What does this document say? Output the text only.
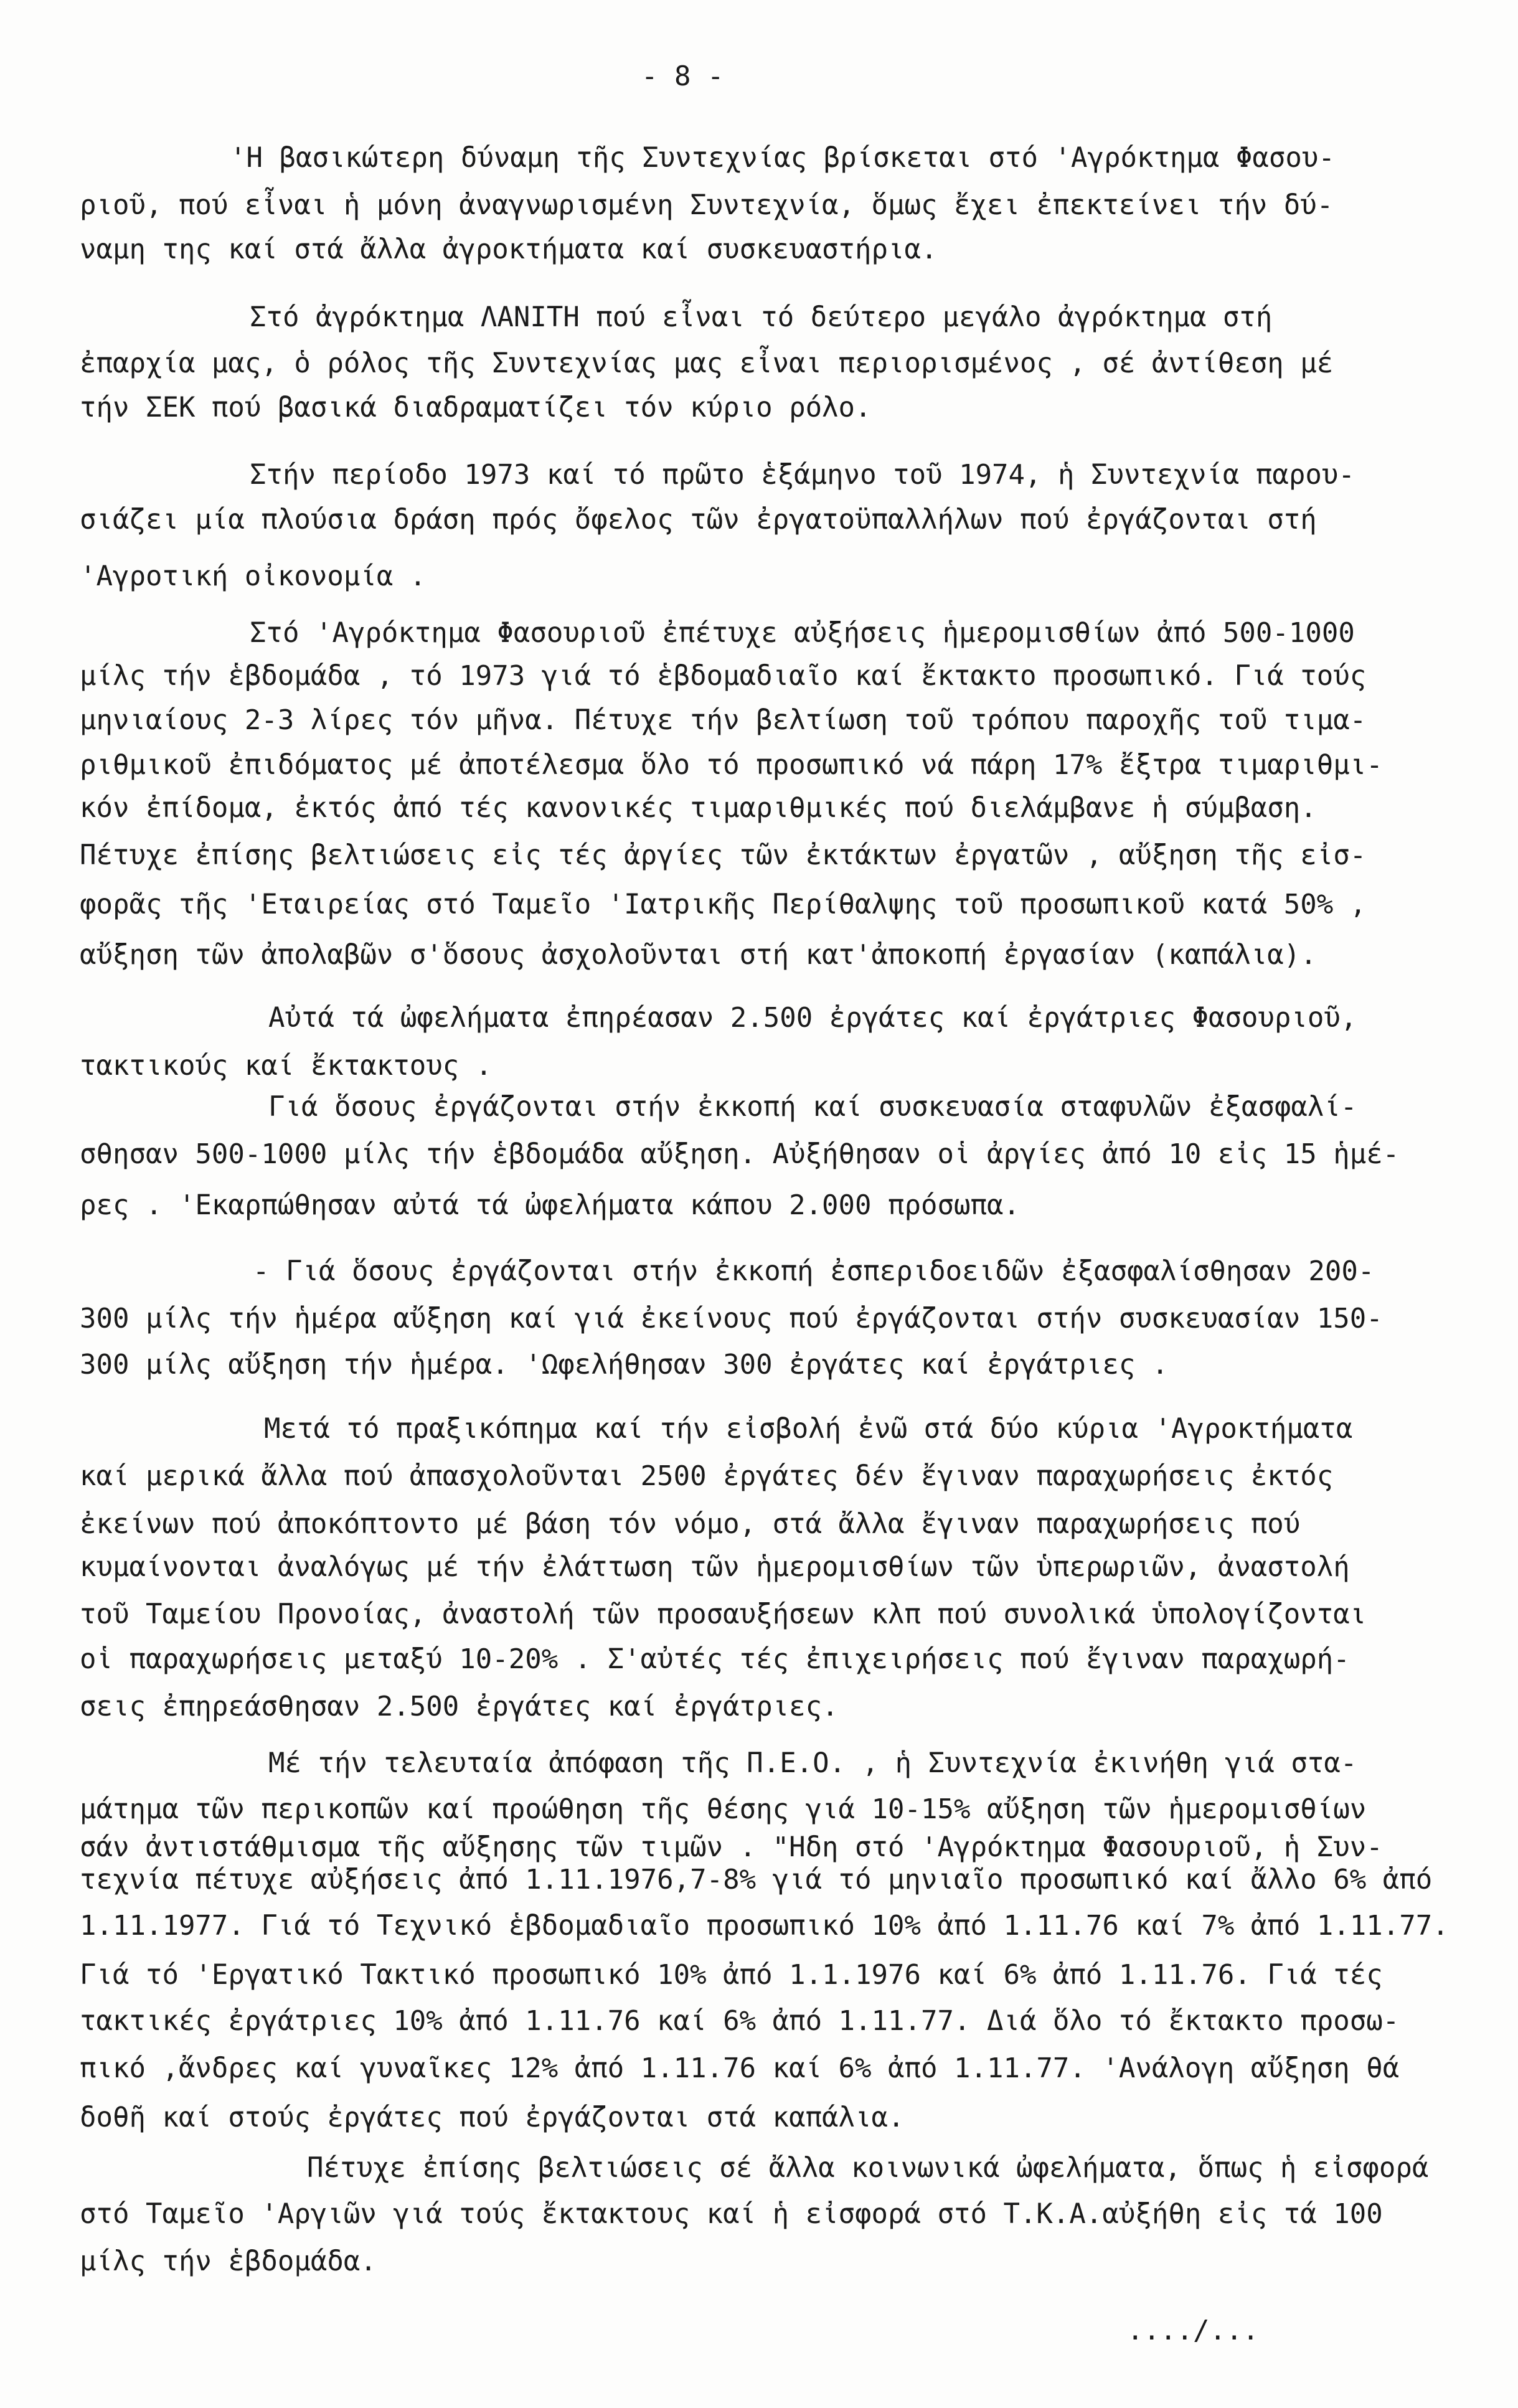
- 8 -
'Η βασικώτερη δύναμη τῆς Συντεχνίας βρίσκεται στό 'Αγρόκτημα Φασου-
ριοῦ, πού εἶναι ἡ μόνη ἀναγνωρισμένη Συντεχνία, ὅμως ἔχει ἐπεκτείνει τήν δύ-
ναμη της καί στά ἄλλα ἀγροκτήματα καί συσκευαστήρια.
Στό ἀγρόκτημα ΛΑΝΙΤΗ πού εἶναι τό δεύτερο μεγάλο ἀγρόκτημα στή
ἐπαρχία μας, ὁ ρόλος τῆς Συντεχνίας μας εἶναι περιορισμένος , σέ ἀντίθεση μέ
τήν ΣΕΚ πού βασικά διαδραματίζει τόν κύριο ρόλο.
Στήν περίοδο 1973 καί τό πρῶτο ἑξάμηνο τοῦ 1974, ἡ Συντεχνία παρου-
σιάζει μία πλούσια δράση πρός ὄφελος τῶν ἐργατοϋπαλλήλων πού ἐργάζονται στή
'Αγροτική οἰκονομία .
Στό 'Αγρόκτημα Φασουριοῦ ἐπέτυχε αὐξήσεις ἡμερομισθίων ἀπό 500-1000
μίλς τήν ἑβδομάδα , τό 1973 γιά τό ἑβδομαδιαῖο καί ἔκτακτο προσωπικό. Γιά τούς
μηνιαίους 2-3 λίρες τόν μῆνα. Πέτυχε τήν βελτίωση τοῦ τρόπου παροχῆς τοῦ τιμα-
ριθμικοῦ ἐπιδόματος μέ ἀποτέλεσμα ὅλο τό προσωπικό νά πάρη 17% ἔξτρα τιμαριθμι-
κόν ἐπίδομα, ἐκτός ἀπό τές κανονικές τιμαριθμικές πού διελάμβανε ἡ σύμβαση.
Πέτυχε ἐπίσης βελτιώσεις εἰς τές ἀργίες τῶν ἐκτάκτων ἐργατῶν , αὔξηση τῆς εἰσ-
φορᾶς τῆς 'Εταιρείας στό Ταμεῖο 'Ιατρικῆς Περίθαλψης τοῦ προσωπικοῦ κατά 50% ,
αὔξηση τῶν ἀπολαβῶν σ'ὅσους ἀσχολοῦνται στή κατ'ἀποκοπή ἐργασίαν (καπάλια).
Αὐτά τά ὠφελήματα ἐπηρέασαν 2.500 ἐργάτες καί ἐργάτριες Φασουριοῦ,
τακτικούς καί ἔκτακτους .
Γιά ὅσους ἐργάζονται στήν ἐκκοπή καί συσκευασία σταφυλῶν ἐξασφαλί-
σθησαν 500-1000 μίλς τήν ἑβδομάδα αὔξηση. Αὐξήθησαν οἱ ἀργίες ἀπό 10 εἰς 15 ἡμέ-
ρες . 'Εκαρπώθησαν αὐτά τά ὠφελήματα κάπου 2.000 πρόσωπα.
- Γιά ὅσους ἐργάζονται στήν ἐκκοπή ἐσπεριδοειδῶν ἐξασφαλίσθησαν 200-
300 μίλς τήν ἡμέρα αὔξηση καί γιά ἐκείνους πού ἐργάζονται στήν συσκευασίαν 150-
300 μίλς αὔξηση τήν ἡμέρα. 'Ωφελήθησαν 300 ἐργάτες καί ἐργάτριες .
Μετά τό πραξικόπημα καί τήν εἰσβολή ἐνῶ στά δύο κύρια 'Αγροκτήματα
καί μερικά ἄλλα πού ἀπασχολοῦνται 2500 ἐργάτες δέν ἔγιναν παραχωρήσεις ἐκτός
ἐκείνων πού ἀποκόπτοντο μέ βάση τόν νόμο, στά ἄλλα ἔγιναν παραχωρήσεις πού
κυμαίνονται ἀναλόγως μέ τήν ἐλάττωση τῶν ἡμερομισθίων τῶν ὑπερωριῶν, ἀναστολή
τοῦ Ταμείου Προνοίας, ἀναστολή τῶν προσαυξήσεων κλπ πού συνολικά ὑπολογίζονται
οἱ παραχωρήσεις μεταξύ 10-20% . Σ'αὐτές τές ἐπιχειρήσεις πού ἔγιναν παραχωρή-
σεις ἐπηρεάσθησαν 2.500 ἐργάτες καί ἐργάτριες.
Μέ τήν τελευταία ἀπόφαση τῆς Π.Ε.Ο. , ἡ Συντεχνία ἐκινήθη γιά στα-
μάτημα τῶν περικοπῶν καί προώθηση τῆς θέσης γιά 10-15% αὔξηση τῶν ἡμερομισθίων
σάν ἀντιστάθμισμα τῆς αὔξησης τῶν τιμῶν . "Ηδη στό 'Αγρόκτημα Φασουριοῦ, ἡ Συν-
τεχνία πέτυχε αὐξήσεις ἀπό 1.11.1976,7-8% γιά τό μηνιαῖο προσωπικό καί ἄλλο 6% ἀπό
1.11.1977. Γιά τό Τεχνικό ἑβδομαδιαῖο προσωπικό 10% ἀπό 1.11.76 καί 7% ἀπό 1.11.77.
Γιά τό 'Εργατικό Τακτικό προσωπικό 10% ἀπό 1.1.1976 καί 6% ἀπό 1.11.76. Γιά τές
τακτικές ἐργάτριες 10% ἀπό 1.11.76 καί 6% ἀπό 1.11.77. Διά ὅλο τό ἔκτακτο προσω-
πικό ,ἄνδρες καί γυναῖκες 12% ἀπό 1.11.76 καί 6% ἀπό 1.11.77. 'Ανάλογη αὔξηση θά
δοθῆ καί στούς ἐργάτες πού ἐργάζονται στά καπάλια.
Πέτυχε ἐπίσης βελτιώσεις σέ ἄλλα κοινωνικά ὠφελήματα, ὅπως ἡ εἰσφορά
στό Ταμεῖο 'Αργιῶν γιά τούς ἔκτακτους καί ἡ εἰσφορά στό Τ.Κ.Α.αὐξήθη εἰς τά 100
μίλς τήν ἑβδομάδα.
..../...
